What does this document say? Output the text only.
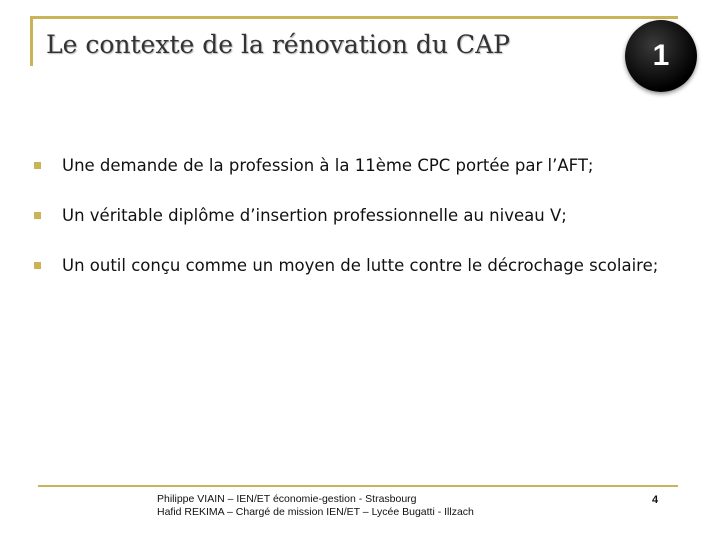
Le contexte de la rénovation du CAP	1
Une demande de la profession à la 11ème CPC portée par l’AFT;
Un véritable diplôme d’insertion professionnelle au niveau V;
Un outil conçu comme un moyen de lutte contre le décrochage scolaire;
Philippe VIAIN – IEN/ET économie-gestion - Strasbourg
Hafid REKIMA – Chargé de mission IEN/ET – Lycée Bugatti - Illzach
4
